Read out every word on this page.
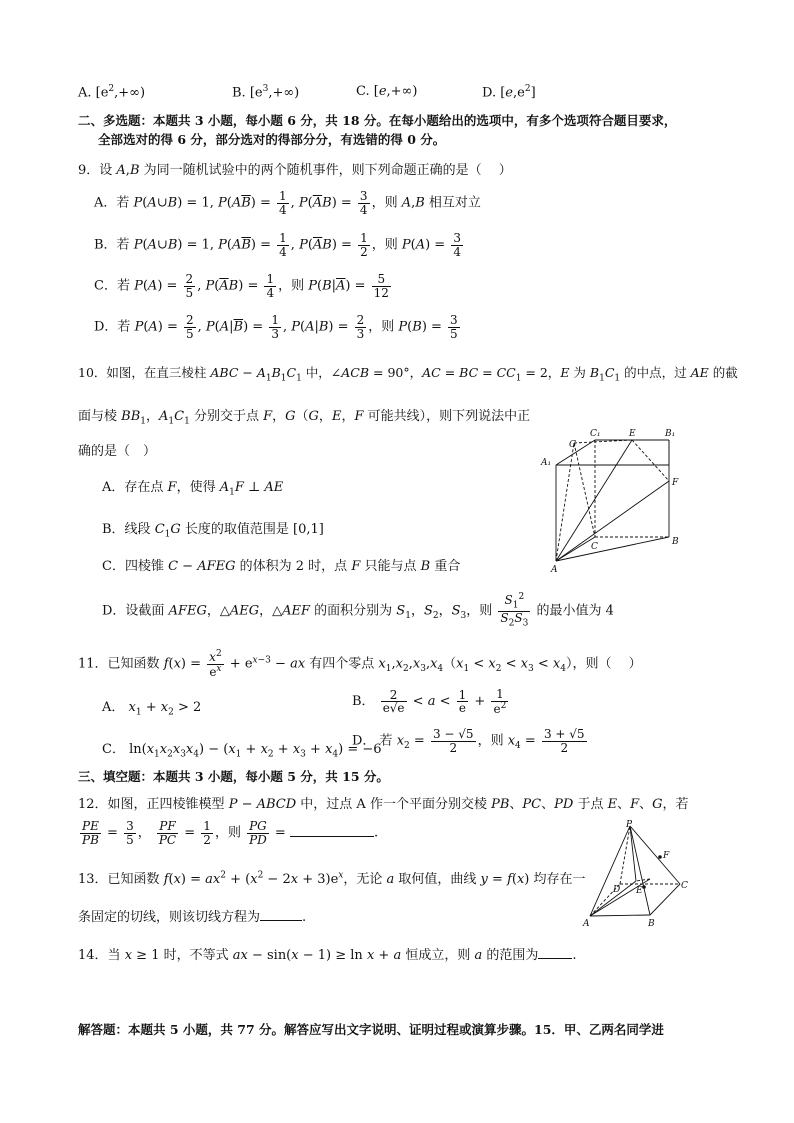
A. $[e^2,+\infty)$	B. $[e^3,+\infty)$	C. [e,+∞)	D. $[e,e^2]$
二、多选题：本题共 3 小题，每小题 6 分，共 18 分。在每小题给出的选项中，有多个选项符合题目要求，
全部选对的得 6 分，部分选对的得部分分，有选错的得 0 分。
9．设 A,B 为同一随机试验中的两个随机事件，则下列命题正确的是（　 ）
A．若 P(A∪B) = 1, $P(A\overline{B}) = \frac{1}{4}$ , $P(\overline{A}B) = \frac{3}{4}$ ，则 A,B 相互对立
B．若 P(A∪B) = 1, $P(A\overline{B}) = \frac{1}{4}$ , $P(\overline{A}B) = \frac{1}{2}$ ，则 $P(A) = \frac{3}{4}$
C．若 $P(A) = \frac{2}{5}$ , $P(\overline{A}B) = \frac{1}{4}$ ，则 $P(B|\overline{A}) = \frac{5}{12}$
D．若 $P(A) = \frac{2}{5}$ , $P(A|\overline{B}) = \frac{1}{3}$ , $P(A|B) = \frac{2}{3}$ ，则 $P(B) = \frac{3}{5}$
10．如图，在直三棱柱 ABC − $A_1B_1C_1$ 中，∠ACB = 90°，AC = BC = $CC_1 = 2$，E 为 $B_1C_1$ 的中点，过 AE 的截
面与棱 $BB_1$，$A_1C_1$ 分别交于点 F，G（G，E，F 可能共线），则下列说法中正
确的是（　）
A．存在点 F，使得 $A_1F$ ⊥ AE
B．线段 $C_1G$ 长度的取值范围是 [0,1]
C．四棱锥 C − AFEG 的体积为 2 时，点 F 只能与点 B 重合
D．设截面 AFEG，△AEG，△AEF 的面积分别为 $S_1$，$S_2$，$S_3$，则 $\frac{S_1^2}{S_2S_3}$ 的最小值为 4
C₁	E	B₁
G
A₁
F
C	B
A
11．已知函数 $f(x) = \frac{x^2}{e^x} + e^{x-3}$ − ax 有四个零点 $x_1,x_2,x_3,x_4(x_1 < x_2 < x_3 < x_4)$，则（　 ）
A． $x_1 + x_2 > 2$	B． $\frac{2}{e√e} < a < \frac{1}{e} + \frac{1}{e^2}$
C． $\ln(x_1x_2x_3x_4) - (x_1 + x_2 + x_3 + x_4) = -6$
D． 若 $x_2 = \frac{3 - √5}{2}$ ，则 $x_4 = \frac{3 + √5}{2}$
三、填空题：本题共 3 小题，每小题 5 分，共 15 分。
12．如图，正四棱锥模型 P − ABCD 中，过点 A 作一个平面分别交棱 PB、PC、PD 于点 E、F、G，若
$\frac{PE}{PB} = \frac{3}{5}$ ， $\frac{PF}{PC} = \frac{1}{2}$ ，则 $\frac{PG}{PD}$ =	.
13．已知函数 $f(x) = ax^2 + (x^2 - 2x + 3)e^x$，无论 a 取何值，曲线 y = f(x) 均存在一
条固定的切线，则该切线方程为	.
P
F
D E	C
A	B
14．当 x ≥ 1 时，不等式 ax − sin(x − 1) ≥ ln x + a 恒成立，则 a 的范围为	.
解答题：本题共 5 小题，共 77 分。解答应写出文字说明、证明过程或演算步骤。15．甲、乙两名同学进
